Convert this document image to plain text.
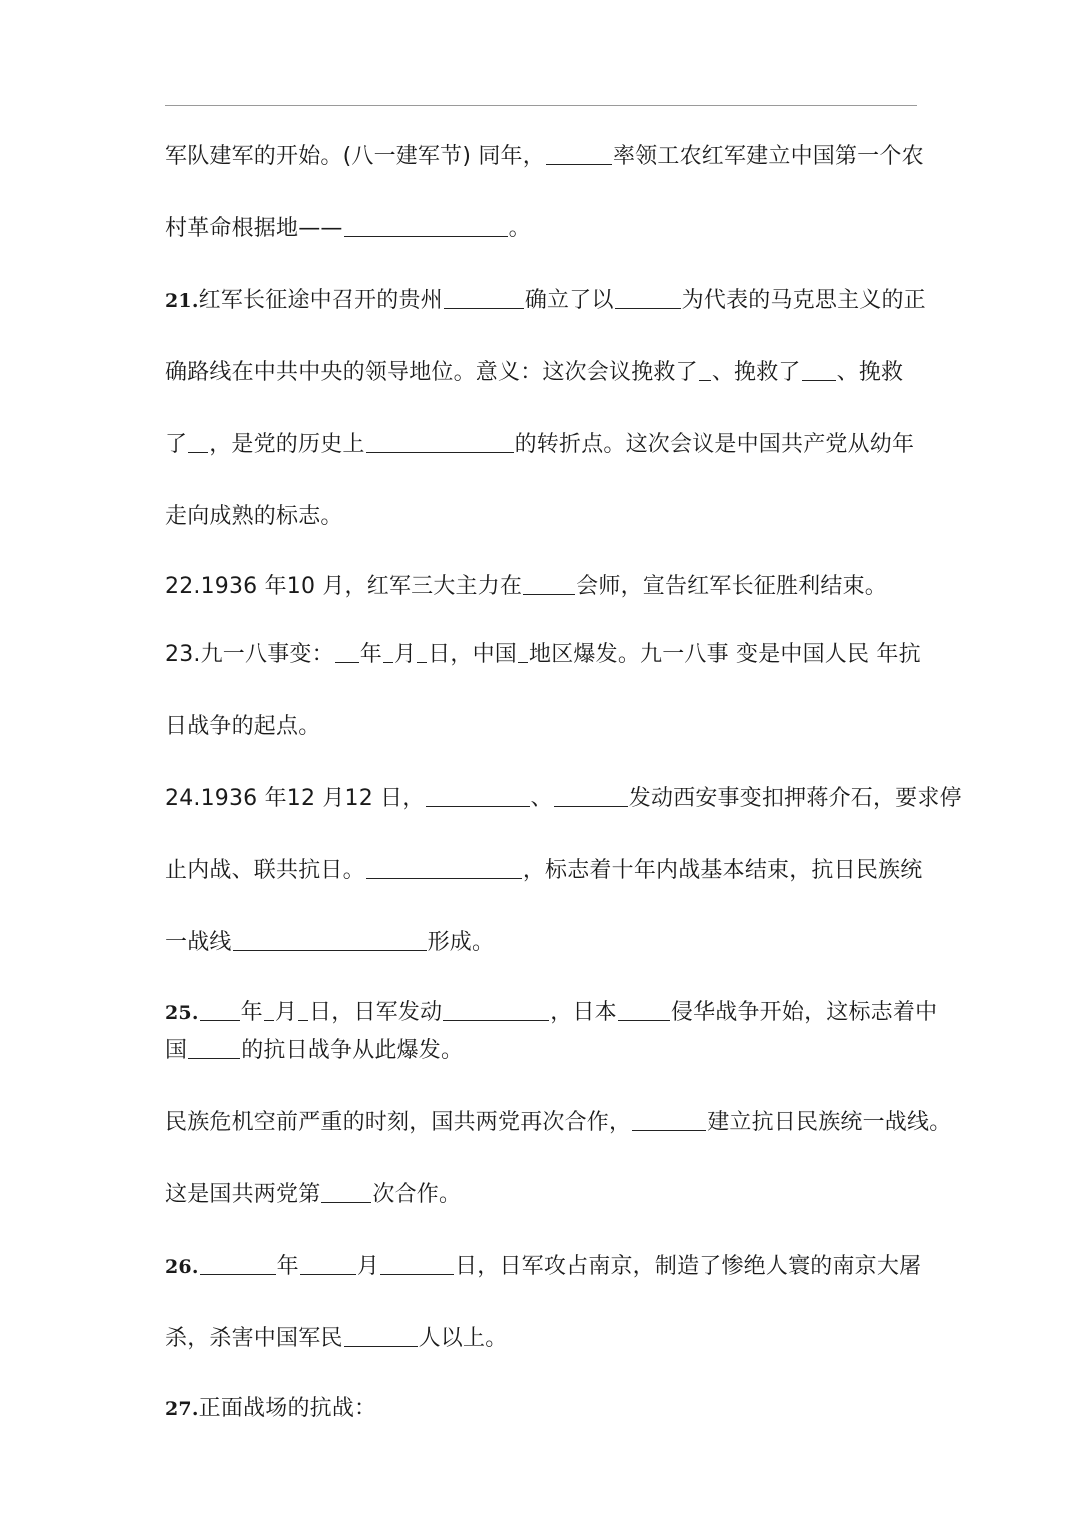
军队建军的开始。(八一建军节) 同年，	率领工农红军建立中国第一个农
村革命根据地——	。
21.红军长征途中召开的贵州	确立了以	为代表的马克思主义的正
确路线在中共中央的领导地位。意义：这次会议挽救了 、挽救了 、挽救
了 ，是党的历史上	的转折点。这次会议是中国共产党从幼年
走向成熟的标志。
22.1936 年10 月，红军三大主力在 会师，宣告红军长征胜利结束。
23.九一八事变： 年 月 日，中国 地区爆发。九一八事 变是中国人民 年抗
日战争的起点。
24.1936 年12 月12 日，	、	发动西安事变扣押蒋介石，要求停
止内战、联共抗日。	，标志着十年内战基本结束，抗日民族统
一战线	形成。
25. 年 月 日，日军发动	，日本 侵华战争开始，这标志着中
国 的抗日战争从此爆发。
民族危机空前严重的时刻，国共两党再次合作，	建立抗日民族统一战线。
这是国共两党第 次合作。
26.	年	月	日，日军攻占南京，制造了惨绝人寰的南京大屠
杀，杀害中国军民	人以上。
27.正面战场的抗战：
